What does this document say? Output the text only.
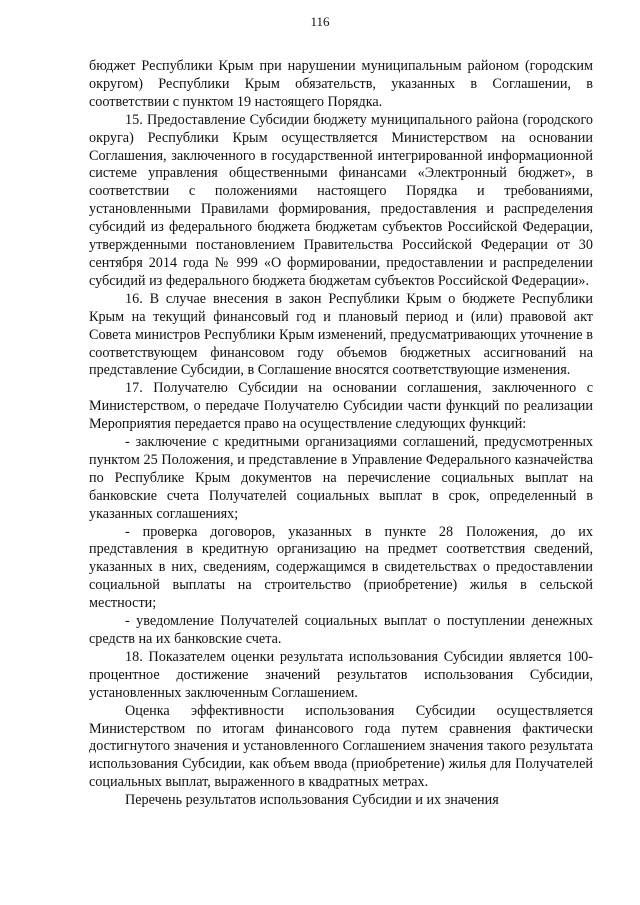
116

бюджет Республики Крым при нарушении муниципальным районом (городским округом) Республики Крым обязательств, указанных в Соглашении, в соответствии с пунктом 19 настоящего Порядка.

15. Предоставление Субсидии бюджету муниципального района (городского округа) Республики Крым осуществляется Министерством на основании Соглашения, заключенного в государственной интегрированной информационной системе управления общественными финансами «Электронный бюджет», в соответствии с положениями настоящего Порядка и требованиями, установленными Правилами формирования, предоставления и распределения субсидий из федерального бюджета бюджетам субъектов Российской Федерации, утвержденными постановлением Правительства Российской Федерации от 30 сентября 2014 года № 999 «О формировании, предоставлении и распределении субсидий из федерального бюджета бюджетам субъектов Российской Федерации».

16. В случае внесения в закон Республики Крым о бюджете Республики Крым на текущий финансовый год и плановый период и (или) правовой акт Совета министров Республики Крым изменений, предусматривающих уточнение в соответствующем финансовом году объемов бюджетных ассигнований на представление Субсидии, в Соглашение вносятся соответствующие изменения.

17. Получателю Субсидии на основании соглашения, заключенного с Министерством, о передаче Получателю Субсидии части функций по реализации Мероприятия передается право на осуществление следующих функций:

- заключение с кредитными организациями соглашений, предусмотренных пунктом 25 Положения, и представление в Управление Федерального казначейства по Республике Крым документов на перечисление социальных выплат на банковские счета Получателей социальных выплат в срок, определенный в указанных соглашениях;

- проверка договоров, указанных в пункте 28 Положения, до их представления в кредитную организацию на предмет соответствия сведений, указанных в них, сведениям, содержащимся в свидетельствах о предоставлении социальной выплаты на строительство (приобретение) жилья в сельской местности;

- уведомление Получателей социальных выплат о поступлении денежных средств на их банковские счета.

18. Показателем оценки результата использования Субсидии является 100-процентное достижение значений результатов использования Субсидии, установленных заключенным Соглашением.

Оценка эффективности использования Субсидии осуществляется Министерством по итогам финансового года путем сравнения фактически достигнутого значения и установленного Соглашением значения такого результата использования Субсидии, как объем ввода (приобретение) жилья для Получателей социальных выплат, выраженного в квадратных метрах.

Перечень результатов использования Субсидии и их значения
